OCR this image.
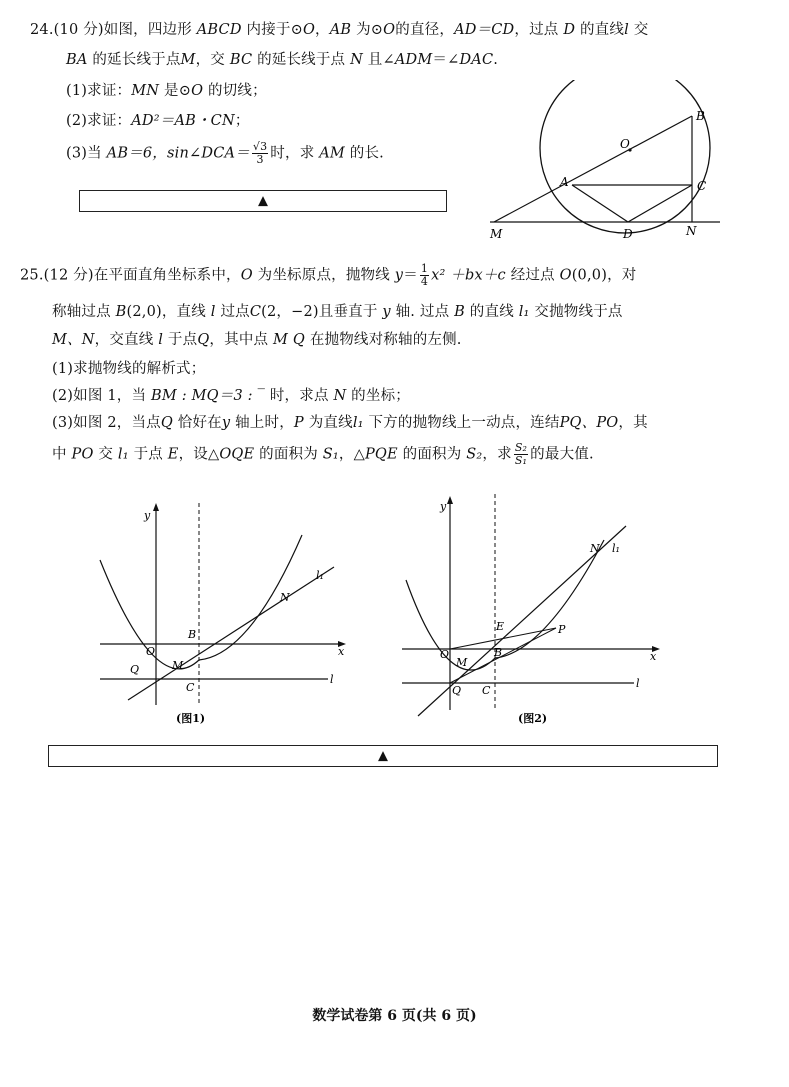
24.(10 分)如图，四边形 ABCD 内接于⊙O，AB 为⊙O的直径，AD＝CD，过点 D 的直线l 交
BA 的延长线于点M，交 BC 的延长线于点 N 且∠ADM＝∠DAC.
(1)求证：MN 是⊙O 的切线；
(2)求证：AD²＝AB・CN；
(3)当 AB＝6，sin∠DCA＝ $\frac{√3}{3}$ 时，求 AM 的长.
▲
B
O
A	C
M	D	N
25.(12 分)在平面直角坐标系中，O 为坐标原点，抛物线 $y= \frac{1}{4} x^2 +bx+c$ 经过点 O(0,0)，对
称轴过点 B(2,0)，直线 l 过点C(2，−2)且垂直于 y 轴. 过点 B 的直线 l₁ 交抛物线于点
M、N，交直线 l 于点Q，其中点 M Q 在抛物线对称轴的左侧.
(1)求抛物线的解析式；
(2)如图 1，当 BM : MQ＝3 : ‾ 时，求点 N 的坐标；
(3)如图 2，当点Q 恰好在y 轴上时，P 为直线l₁ 下方的抛物线上一动点，连结PQ、PO，其
中 PO 交 l₁ 于点 E，设△OQE 的面积为 S₁，△PQE 的面积为 S₂，求 $\frac{\text{S₂}}{\text{S₁}}$ 的最大值.
y
x
O
B
Q	M
C
N
l₁
l
(图1)
y
x
O
E	P
M
B
Q C
N l₁
l
(图2)
▲
数学试卷第 6 页(共 6 页)
